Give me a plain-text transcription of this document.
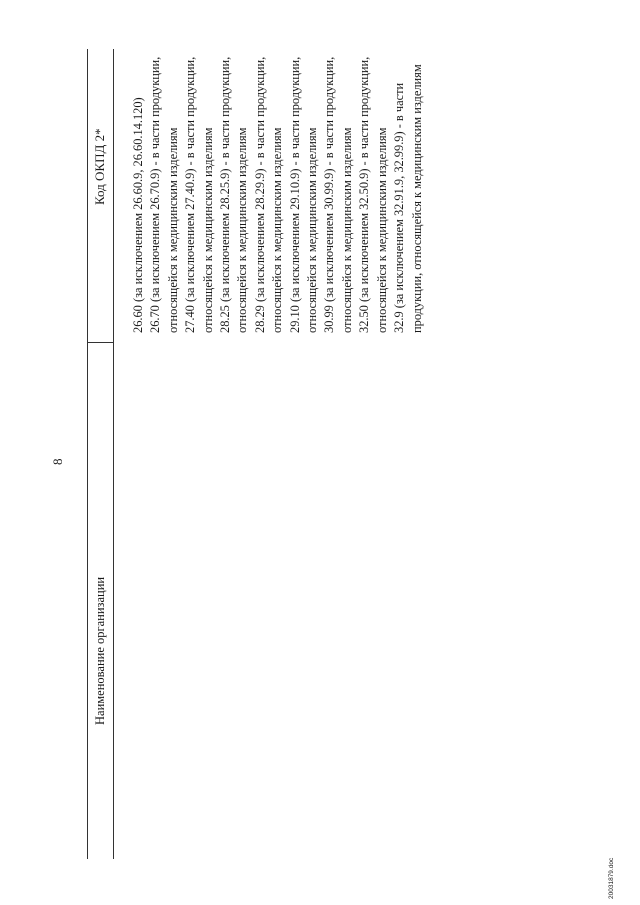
8
Наименование организации
Код ОКПД 2* 26.60 (за исключением 26.60.9, 26.60.14.120) 26.70 (за исключением 26.70.9) - в части продукции, относящейся к медицинским изделиям 27.40 (за исключением 27.40.9) - в части продукции, относящейся к медицинским изделиям 28.25 (за исключением 28.25.9) - в части продукции, относящейся к медицинским изделиям 28.29 (за исключением 28.29.9) - в части продукции, относящейся к медицинским изделиям 29.10 (за исключением 29.10.9) - в части продукции, относящейся к медицинским изделиям 30.99 (за исключением 30.99.9) - в части продукции, относящейся к медицинским изделиям 32.50 (за исключением 32.50.9) - в части продукции, относящейся к медицинским изделиям 32.9 (за исключением 32.91.9, 32.99.9) - в части продукции, относящейся к медицинским изделиям

20031879.doc
